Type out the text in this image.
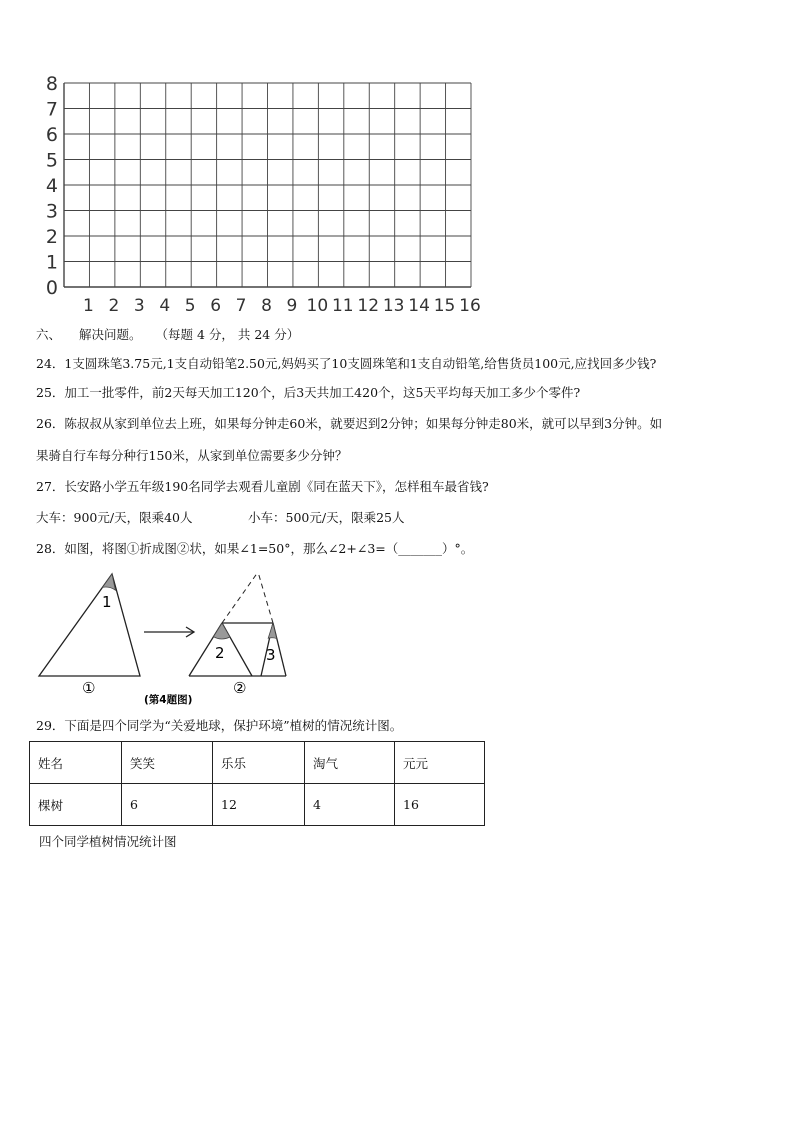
0
1
2
3
4
5
6
7
8
1 2 3 4 5 6 7 8 9 10 11 12 13 14 15 16
六、 解决问题。 （每题 4 分， 共 24 分）
24．1支圆珠笔3.75元,1支自动铅笔2.50元,妈妈买了10支圆珠笔和1支自动铅笔,给售货员100元,应找回多少钱?
25．加工一批零件，前2天每天加工120个，后3天共加工420个，这5天平均每天加工多少个零件?
26．陈叔叔从家到单位去上班，如果每分钟走60米，就要迟到2分钟；如果每分钟走80米，就可以早到3分钟。如
果骑自行车每分种行150米，从家到单位需要多少分钟？
27．长安路小学五年级190名同学去观看儿童剧《同在蓝天下》，怎样租车最省钱?
大车：900元/天，限乘40人	小车：500元/天，限乘25人
28．如图，将图①折成图②状，如果∠1=50°，那么∠2+∠3=（_______）°。
1
①
2	3
②
(第4题图)
29．下面是四个同学为“关爱地球，保护环境”植树的情况统计图。
姓名	笑笑	乐乐	淘气	元元
棵树	6	12	4	16
四个同学植树情况统计图
